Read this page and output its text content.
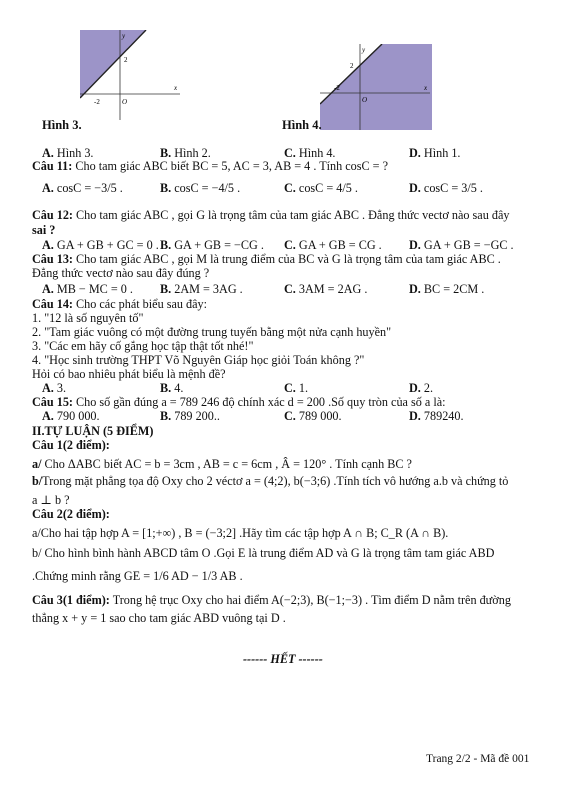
2
-2	O
x
y
Hình 3.
2
-2
O
x
y
Hình 4.
A. Hình 3.	B. Hình 2.	C. Hình 4.	D. Hình 1.
Câu 11: Cho tam giác ABC biết BC = 5, AC = 3, AB = 4 . Tính cosC = ?
A. cosC = −3/5 .	B. cosC = −4/5 .	C. cosC = 4/5 .	D. cosC = 3/5 .
Câu 12: Cho tam giác ABC , gọi G là trọng tâm của tam giác ABC . Đẳng thức vectơ nào sau đây
sai ?
A. GA + GB + GC = 0 . B. GA + GB = −CG . C. GA + GB = CG . D. GA + GB = −GC .
Câu 13: Cho tam giác ABC , gọi M là trung điểm của BC và G là trọng tâm của tam giác ABC .
Đẳng thức vectơ nào sau đây đúng ?
A. MB − MC = 0 . B. 2AM = 3AG .	C. 3AM = 2AG .	D. BC = 2CM .
Câu 14: Cho các phát biểu sau đây:
1. "12 là số nguyên tố"
2. "Tam giác vuông có một đường trung tuyến bằng một nửa cạnh huyền"
3. "Các em hãy cố gắng học tập thật tốt nhé!"
4. "Học sinh trường THPT Võ Nguyên Giáp học giỏi Toán không ?"
Hỏi có bao nhiêu phát biểu là mệnh đề?
A. 3.	B. 4.	C. 1.	D. 2.
Câu 15: Cho số gần đúng a = 789 246 độ chính xác d = 200 .Số quy tròn của số a là:
A. 790 000.	B. 789 200..	C. 789 000.	D. 789240.
II.TỰ LUẬN (5 ĐIỂM)
Câu 1(2 điểm):
a/ Cho ΔABC biết AC = b = 3cm , AB = c = 6cm , Â = 120° . Tính cạnh BC ?
b/Trong mặt phẳng tọa độ Oxy cho 2 véctơ a = (4;2), b(−3;6) .Tính tích vô hướng a.b và chứng tỏ
a ⊥ b ?
Câu 2(2 điểm):
a/Cho hai tập hợp A = [1;+∞) , B = (−3;2] .Hãy tìm các tập hợp A ∩ B; C_R (A ∩ B).
b/ Cho hình bình hành ABCD tâm O .Gọi E là trung điểm AD và G là trọng tâm tam giác ABD
.Chứng minh rằng GE = 1/6 AD − 1/3 AB .
Câu 3(1 điểm): Trong hệ trục Oxy cho hai điểm A(−2;3), B(−1;−3) . Tìm điểm D nằm trên đường
thẳng x + y = 1 sao cho tam giác ABD vuông tại D .
------ HẾT ------
Trang 2/2 - Mã đề 001
